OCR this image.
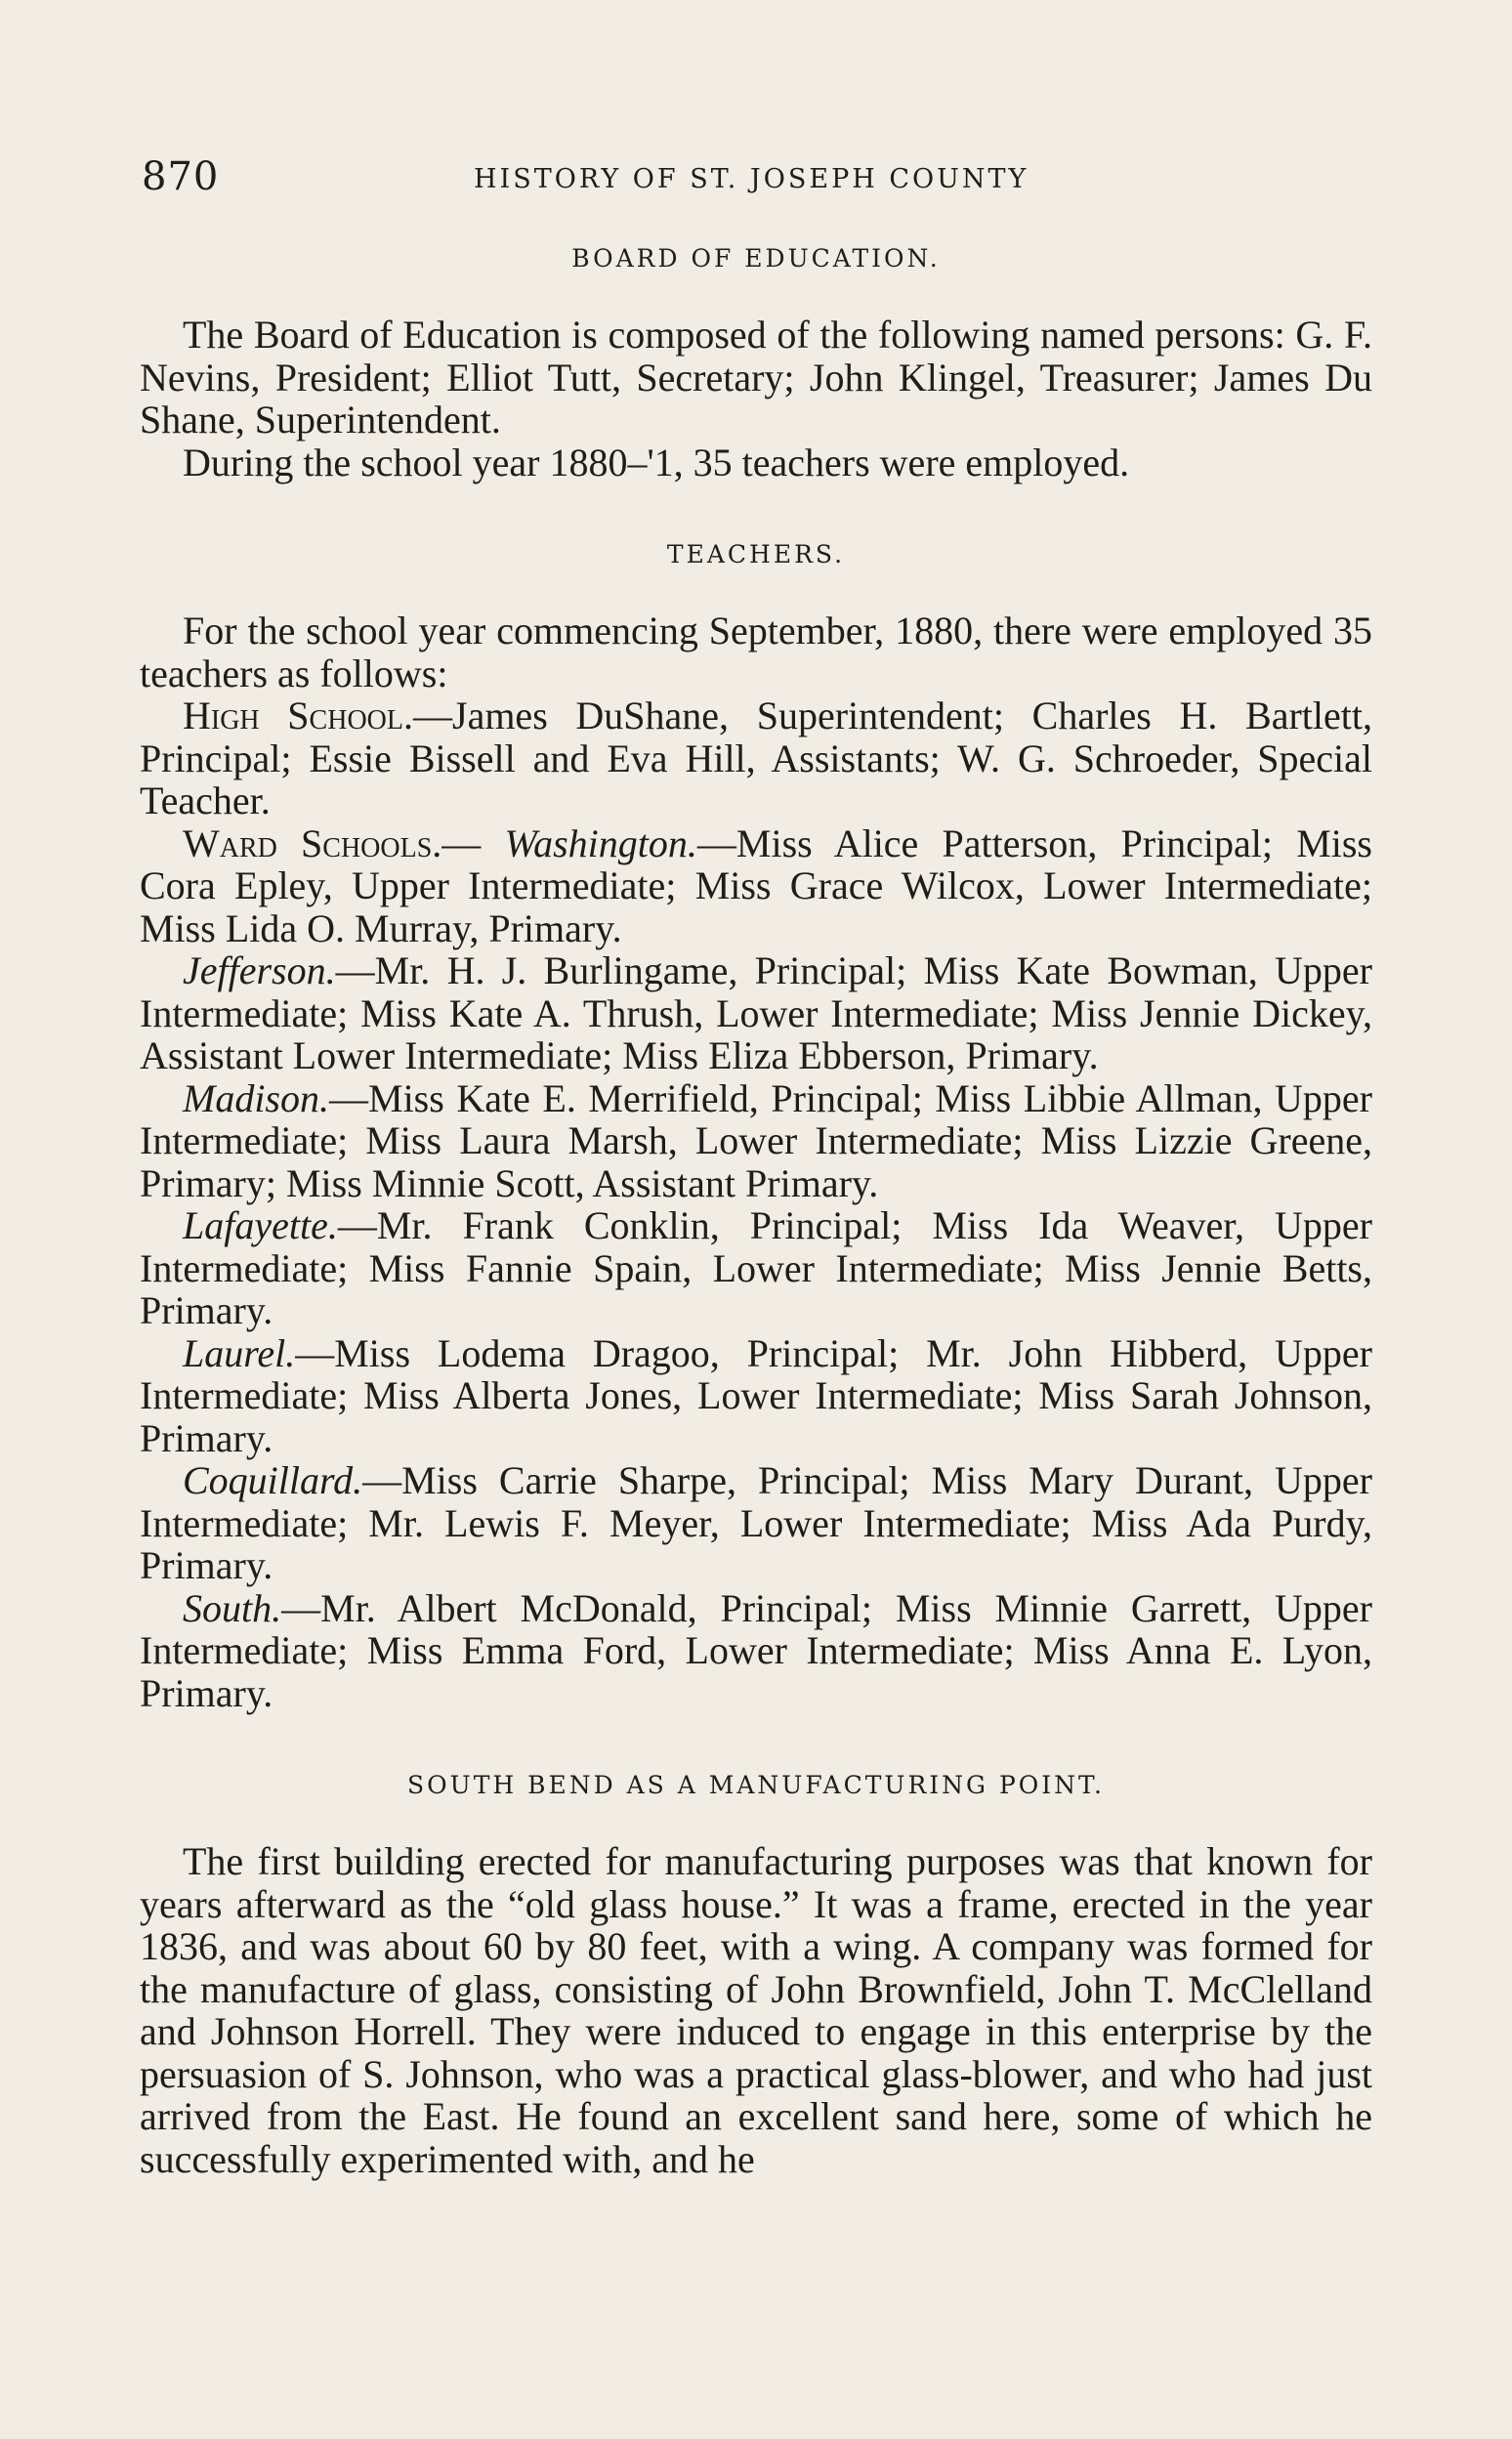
870	HISTORY OF ST. JOSEPH COUNTY

BOARD OF EDUCATION.

The Board of Education is composed of the following named persons: G. F. Nevins, President; Elliot Tutt, Secretary; John Klingel, Treasurer; James Du Shane, Superintendent.

During the school year 1880–'1, 35 teachers were employed.

TEACHERS.

For the school year commencing September, 1880, there were employed 35 teachers as follows:

High School.—James DuShane, Superintendent; Charles H. Bartlett, Principal; Essie Bissell and Eva Hill, Assistants; W. G. Schroeder, Special Teacher.

Ward Schools.— Washington.—Miss Alice Patterson, Principal; Miss Cora Epley, Upper Intermediate; Miss Grace Wilcox, Lower Intermediate; Miss Lida O. Murray, Primary.

Jefferson.—Mr. H. J. Burlingame, Principal; Miss Kate Bowman, Upper Intermediate; Miss Kate A. Thrush, Lower Intermediate; Miss Jennie Dickey, Assistant Lower Intermediate; Miss Eliza Ebberson, Primary.

Madison.—Miss Kate E. Merrifield, Principal; Miss Libbie Allman, Upper Intermediate; Miss Laura Marsh, Lower Intermediate; Miss Lizzie Greene, Primary; Miss Minnie Scott, Assistant Primary.

Lafayette.—Mr. Frank Conklin, Principal; Miss Ida Weaver, Upper Intermediate; Miss Fannie Spain, Lower Intermediate; Miss Jennie Betts, Primary.

Laurel.—Miss Lodema Dragoo, Principal; Mr. John Hibberd, Upper Intermediate; Miss Alberta Jones, Lower Intermediate; Miss Sarah Johnson, Primary.

Coquillard.—Miss Carrie Sharpe, Principal; Miss Mary Durant, Upper Intermediate; Mr. Lewis F. Meyer, Lower Intermediate; Miss Ada Purdy, Primary.

South.—Mr. Albert McDonald, Principal; Miss Minnie Garrett, Upper Intermediate; Miss Emma Ford, Lower Intermediate; Miss Anna E. Lyon, Primary.

SOUTH BEND AS A MANUFACTURING POINT.

The first building erected for manufacturing purposes was that known for years afterward as the “old glass house.” It was a frame, erected in the year 1836, and was about 60 by 80 feet, with a wing. A company was formed for the manufacture of glass, consisting of John Brownfield, John T. McClelland and Johnson Horrell. They were induced to engage in this enterprise by the persuasion of S. Johnson, who was a practical glass-blower, and who had just arrived from the East. He found an excellent sand here, some of which he successfully experimented with, and he
